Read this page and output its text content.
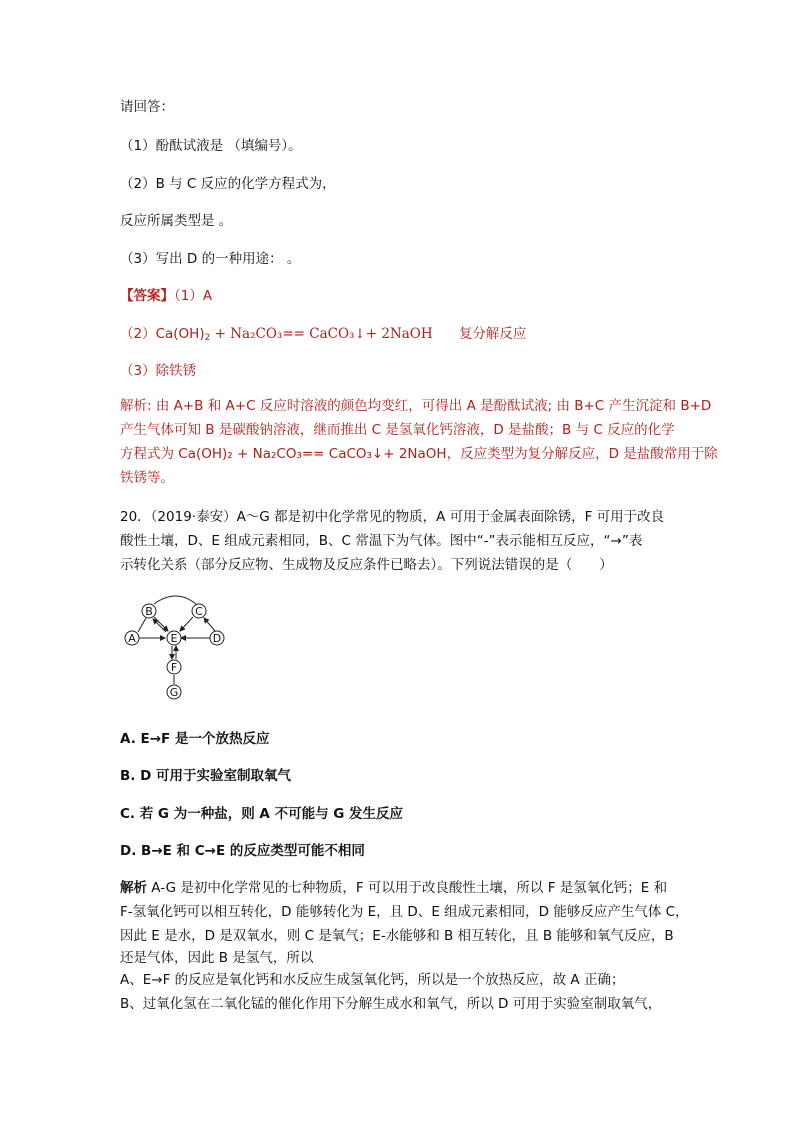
请回答：
（1）酚酞试液是 （填编号）。
（2）B 与 C 反应的化学方程式为，
反应所属类型是 。
（3）写出 D 的一种用途： 。
【答案】（1）A
$(2)Ca(OH)_2 + Na_2CO_3==$ CaCO₃↓+ 2NaOH 复分解反应
（3）除铁锈
解析: 由 A+B 和 A+C 反应时溶液的颜色均变红，可得出 A 是酚酞试液; 由 B+C 产生沉淀和 B+D
产生气体可知 B 是碳酸钠溶液，继而推出 C 是氢氧化钙溶液，D 是盐酸；B 与 C 反应的化学
方程式为 Ca(OH)₂ + Na₂CO₃== CaCO₃↓+ 2NaOH，反应类型为复分解反应，D 是盐酸常用于除
铁锈等。
20．（2019·泰安）A～G 都是初中化学常见的物质，A 可用于金属表面除锈，F 可用于改良
酸性土壤，D、E 组成元素相同，B、C 常温下为气体。图中“-”表示能相互反应，“→”表
示转化关系（部分反应物、生成物及反应条件已略去）。下列说法错误的是（　　）
A
B	C
D
E
F
G
A. E→F 是一个放热反应
B. D 可用于实验室制取氧气
C. 若 G 为一种盐，则 A 不可能与 G 发生反应
D. B→E 和 C→E 的反应类型可能不相同
解析 A-G 是初中化学常见的七种物质，F 可以用于改良酸性土壤，所以 F 是氢氧化钙；E 和
F-氢氧化钙可以相互转化，D 能够转化为 E，且 D、E 组成元素相同，D 能够反应产生气体 C，
因此 E 是水，D 是双氧水，则 C 是氧气；E-水能够和 B 相互转化，且 B 能够和氧气反应，B
还是气体，因此 B 是氢气，所以
A、E→F 的反应是氧化钙和水反应生成氢氧化钙，所以是一个放热反应，故 A 正确；
B、过氧化氢在二氧化锰的催化作用下分解生成水和氧气，所以 D 可用于实验室制取氧气，
